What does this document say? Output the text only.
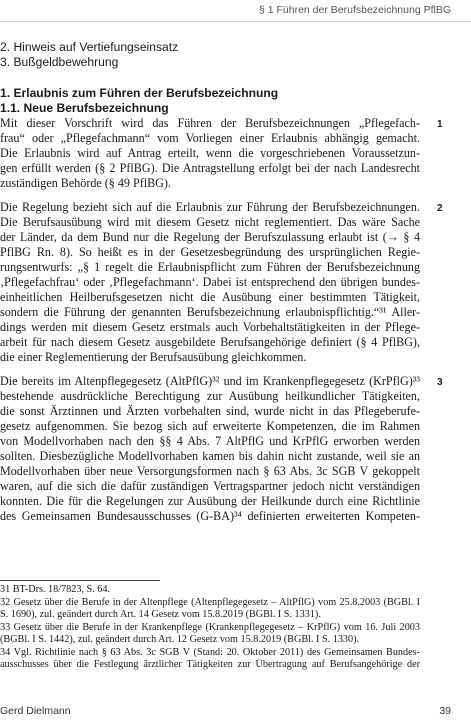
§ 1 Führen der Berufsbezeichnung PflBG
2. Hinweis auf Vertiefungseinsatz
3. Bußgeldbewehrung
1. Erlaubnis zum Führen der Berufsbezeichnung
1.1. Neue Berufsbezeichnung
Mit dieser Vorschrift wird das Führen der Berufsbezeichnungen „Pflegefach-
frau“ oder „Pflegefachmann“ vom Vorliegen einer Erlaubnis abhängig gemacht.
Die Erlaubnis wird auf Antrag erteilt, wenn die vorgeschriebenen Voraussetzun-
gen erfüllt werden (§ 2 PflBG). Die Antragstellung erfolgt bei der nach Landesrecht
zuständigen Behörde (§ 49 PflBG).
1
Die Regelung bezieht sich auf die Erlaubnis zur Führung der Berufsbezeichnungen.
Die Berufsausübung wird mit diesem Gesetz nicht reglementiert. Das wäre Sache
der Länder, da dem Bund nur die Regelung der Berufszulassung erlaubt ist (→ § 4
PflBG Rn. 8). So heißt es in der Gesetzesbegründung des ursprünglichen Regie-
rungsentwurfs: „§ 1 regelt die Erlaubnispflicht zum Führen der Berufsbezeichnung
‚Pflegefachfrau‘ oder ‚Pflegefachmann‘. Dabei ist entsprechend den übrigen bundes-
einheitlichen Heilberufsgesetzen nicht die Ausübung einer bestimmten Tätigkeit,
sondern die Führung der genannten Berufsbezeichnung erlaubnispflichtig.“³¹ Aller-
dings werden mit diesem Gesetz erstmals auch Vorbehaltstätigkeiten in der Pflege-
arbeit für nach diesem Gesetz ausgebildete Berufsangehörige definiert (§ 4 PflBG),
die einer Reglementierung der Berufsausübung gleichkommen.
2
Die bereits im Altenpflegegesetz (AltPflG)³² und im Krankenpflegegesetz (KrPflG)³³
bestehende ausdrückliche Berechtigung zur Ausübung heilkundlicher Tätigkeiten,
die sonst Ärztinnen und Ärzten vorbehalten sind, wurde nicht in das Pflegeberufe-
gesetz aufgenommen. Sie bezog sich auf erweiterte Kompetenzen, die im Rahmen
von Modellvorhaben nach den §§ 4 Abs. 7 AltPflG und KrPflG erworben werden
sollten. Diesbezügliche Modellvorhaben kamen bis dahin nicht zustande, weil sie an
Modellvorhaben über neue Versorgungsformen nach § 63 Abs. 3c SGB V gekoppelt
waren, auf die sich die dafür zuständigen Vertragspartner jedoch nicht verständigen
konnten. Die für die Regelungen zur Ausübung der Heilkunde durch eine Richtlinie
des Gemeinsamen Bundesausschusses (G-BA)³⁴ definierten erweiterten Kompeten-
3
31 BT-Drs. 18/7823, S. 64.
32 Gesetz über die Berufe in der Altenpflege (Altenpflegegesetz – AltPflG) vom 25.8.2003 (BGBl. I
S. 1690), zul. geändert durch Art. 14 Gesetz vom 15.8.2019 (BGBl. I S. 1331).
33 Gesetz über die Berufe in der Krankenpflege (Krankenpflegegesetz – KrPflG) vom 16. Juli 2003
(BGBl. I S. 1442), zul. geändert durch Art. 12 Gesetz vom 15.8.2019 (BGBl. I S. 1330).
34 Vgl. Richtlinie nach § 63 Abs. 3c SGB V (Stand: 20. Oktober 2011) des Gemeinsamen Bundes-
ausschusses über die Festlegung ärztlicher Tätigkeiten zur Übertragung auf Berufsangehörige der
Gerd Dielmann	39
